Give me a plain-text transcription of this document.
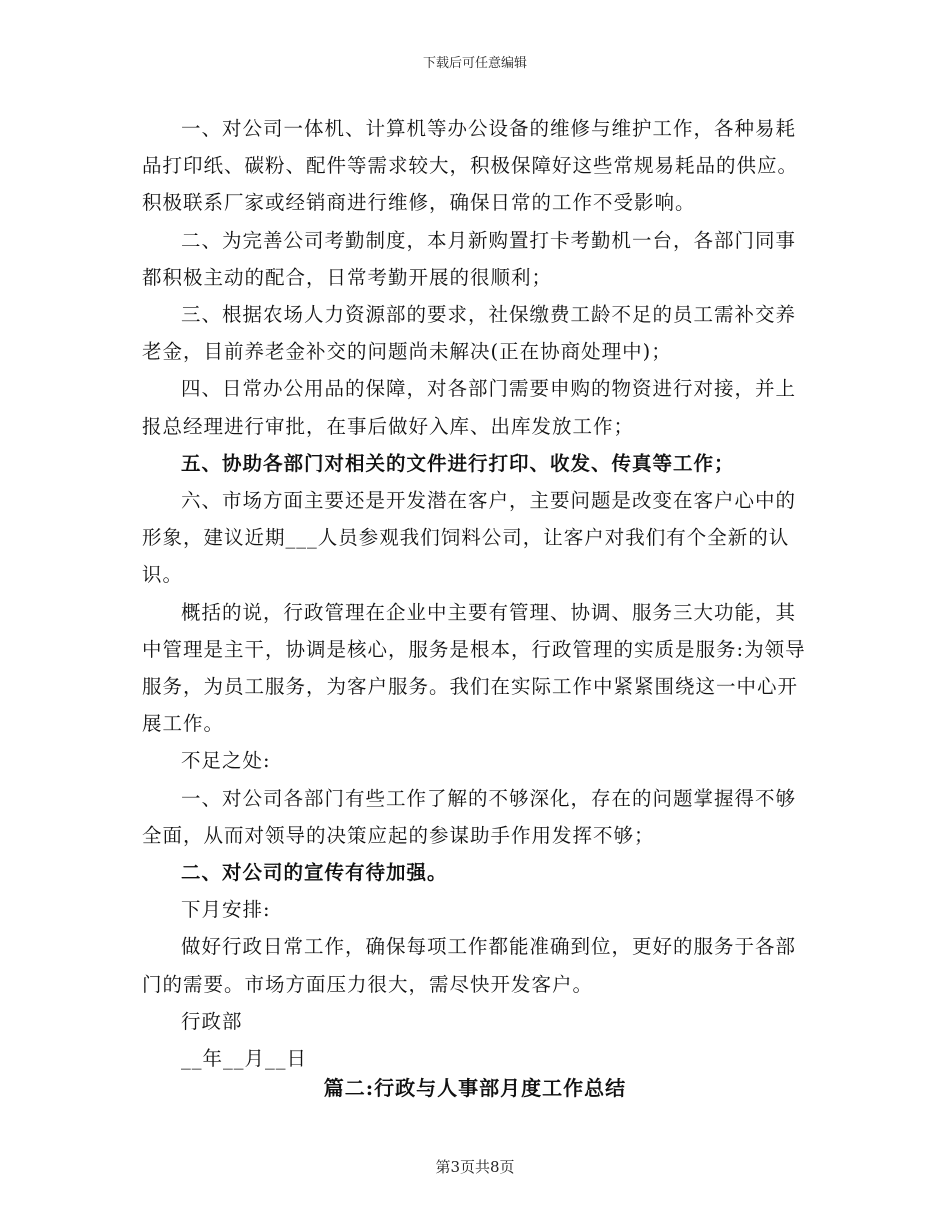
下载后可任意编辑

一、对公司一体机、计算机等办公设备的维修与维护工作，各种易耗品打印纸、碳粉、配件等需求较大，积极保障好这些常规易耗品的供应。积极联系厂家或经销商进行维修，确保日常的工作不受影响。

二、为完善公司考勤制度，本月新购置打卡考勤机一台，各部门同事都积极主动的配合，日常考勤开展的很顺利；

三、根据农场人力资源部的要求，社保缴费工龄不足的员工需补交养老金，目前养老金补交的问题尚未解决(正在协商处理中)；

四、日常办公用品的保障，对各部门需要申购的物资进行对接，并上报总经理进行审批，在事后做好入库、出库发放工作；

五、协助各部门对相关的文件进行打印、收发、传真等工作；

六、市场方面主要还是开发潜在客户，主要问题是改变在客户心中的形象，建议近期___人员参观我们饲料公司，让客户对我们有个全新的认识。

概括的说，行政管理在企业中主要有管理、协调、服务三大功能，其中管理是主干，协调是核心，服务是根本，行政管理的实质是服务:为领导服务，为员工服务，为客户服务。我们在实际工作中紧紧围绕这一中心开展工作。

不足之处:

一、对公司各部门有些工作了解的不够深化，存在的问题掌握得不够全面，从而对领导的决策应起的参谋助手作用发挥不够；

二、对公司的宣传有待加强。

下月安排:

做好行政日常工作，确保每项工作都能准确到位，更好的服务于各部门的需要。市场方面压力很大，需尽快开发客户。

行政部

__年__月__日

篇二:行政与人事部月度工作总结
第3页共8页
